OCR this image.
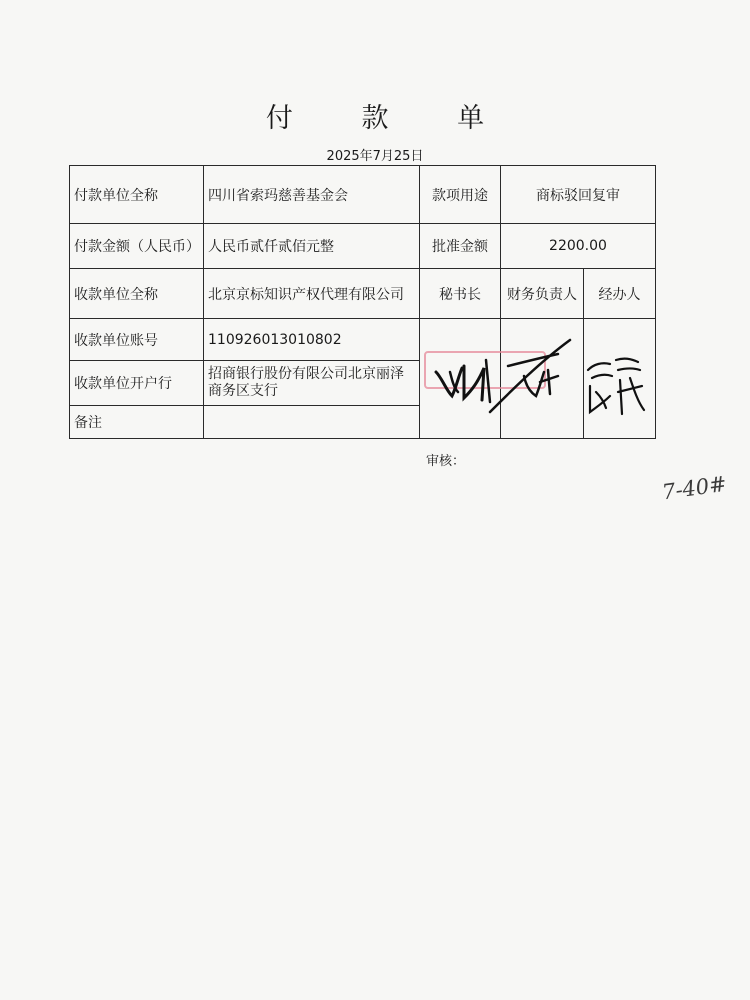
付 款 单
2025年7月25日
付款单位全称	四川省索玛慈善基金会	款项用途	商标驳回复审	
付款金额（人民币）	人民币贰仟贰佰元整	批准金额	2200.00	
收款单位全称	北京京标知识产权代理有限公司	秘书长	财务负责人	经办人
收款单位账号	110926013010802			
收款单位开户行	招商银行股份有限公司北京丽泽商务区支行			
备注				
审核：
7-40#
